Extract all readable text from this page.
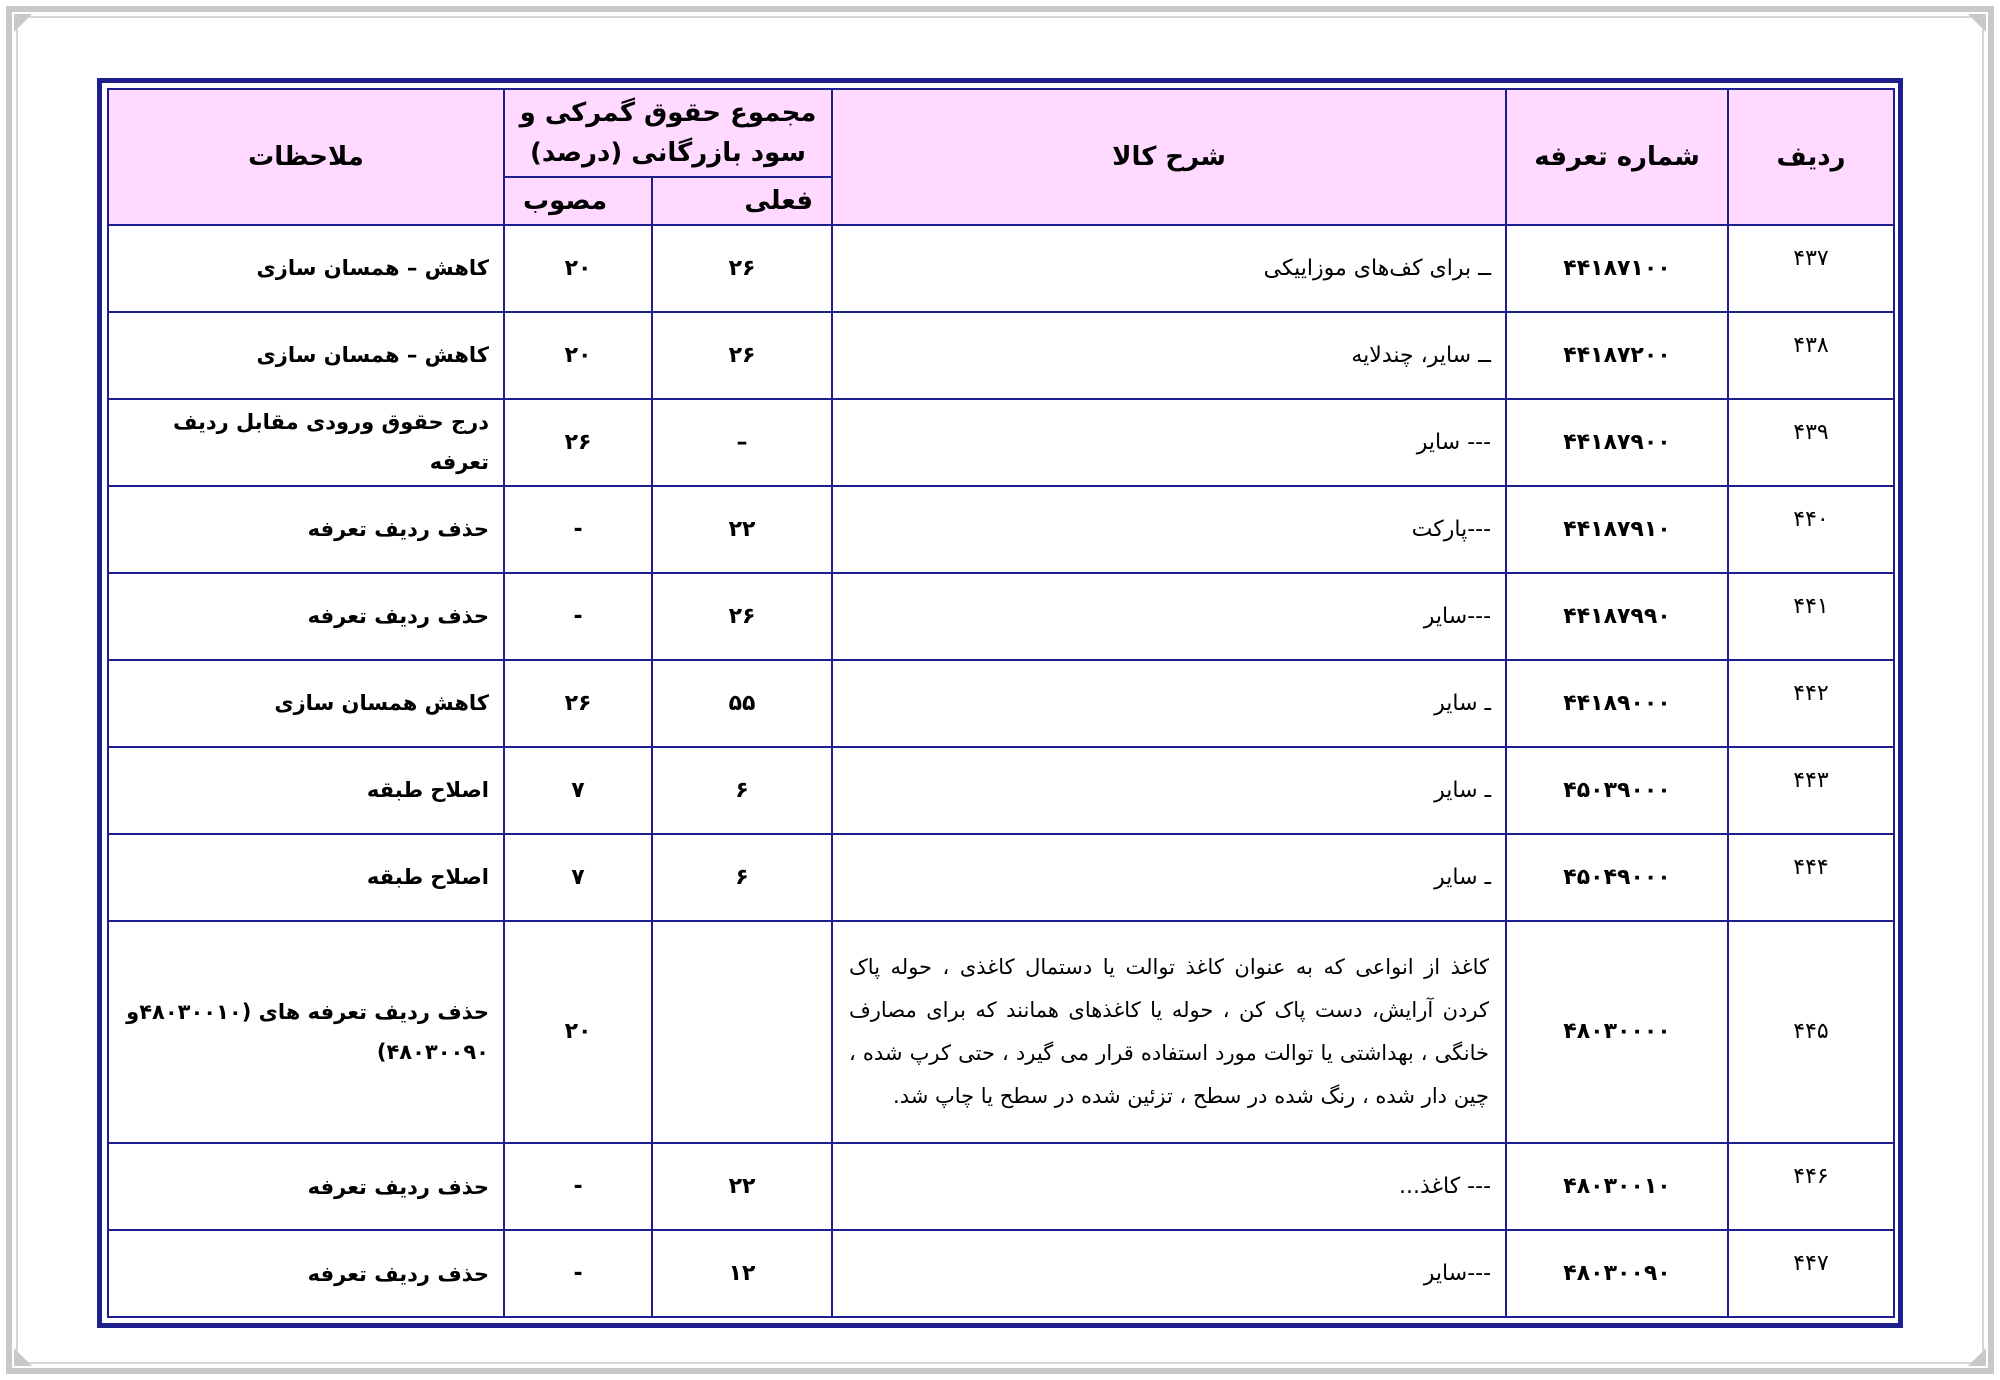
ردیف	شماره تعرفه	شرح کالا	مجموع حقوق گمرکی و سود بازرگانی (درصد)		ملاحظات
			فعلی	مصوب	
۴۳۷	۴۴۱۸۷۱۰۰	ــ برای کف‌های موزاییکی	۲۶	۲۰	کاهش – همسان سازی
۴۳۸	۴۴۱۸۷۲۰۰	ــ سایر، چندلایه	۲۶	۲۰	کاهش – همسان سازی
۴۳۹	۴۴۱۸۷۹۰۰	--- سایر	–	۲۶	درج حقوق ورودی مقابل ردیف تعرفه
۴۴۰	۴۴۱۸۷۹۱۰	---پارکت	۲۲	-	حذف ردیف تعرفه
۴۴۱	۴۴۱۸۷۹۹۰	---سایر	۲۶	-	حذف ردیف تعرفه
۴۴۲	۴۴۱۸۹۰۰۰	ـ سایر	۵۵	۲۶	کاهش همسان سازی
۴۴۳	۴۵۰۳۹۰۰۰	ـ سایر	۶	۷	اصلاح طبقه
۴۴۴	۴۵۰۴۹۰۰۰	ـ سایر	۶	۷	اصلاح طبقه
۴۴۵	۴۸۰۳۰۰۰۰	کاغذ از انواعی که به عنوان کاغذ توالت یا دستمال کاغذی ، حوله پاک کردن آرایش، دست پاک کن ، حوله یا کاغذهای همانند که برای مصارف خانگی ، بهداشتی یا توالت مورد استفاده قرار می گیرد ، حتی کرپ شده ، چین دار شده ، رنگ شده در سطح ، تزئین شده در سطح یا چاپ شد.		۲۰	حذف ردیف تعرفه های (۴۸۰۳۰۰۱۰و ۴۸۰۳۰۰۹۰)
۴۴۶	۴۸۰۳۰۰۱۰	--- کاغذ...	۲۲	-	حذف ردیف تعرفه
۴۴۷	۴۸۰۳۰۰۹۰	---سایر	۱۲	-	حذف ردیف تعرفه
